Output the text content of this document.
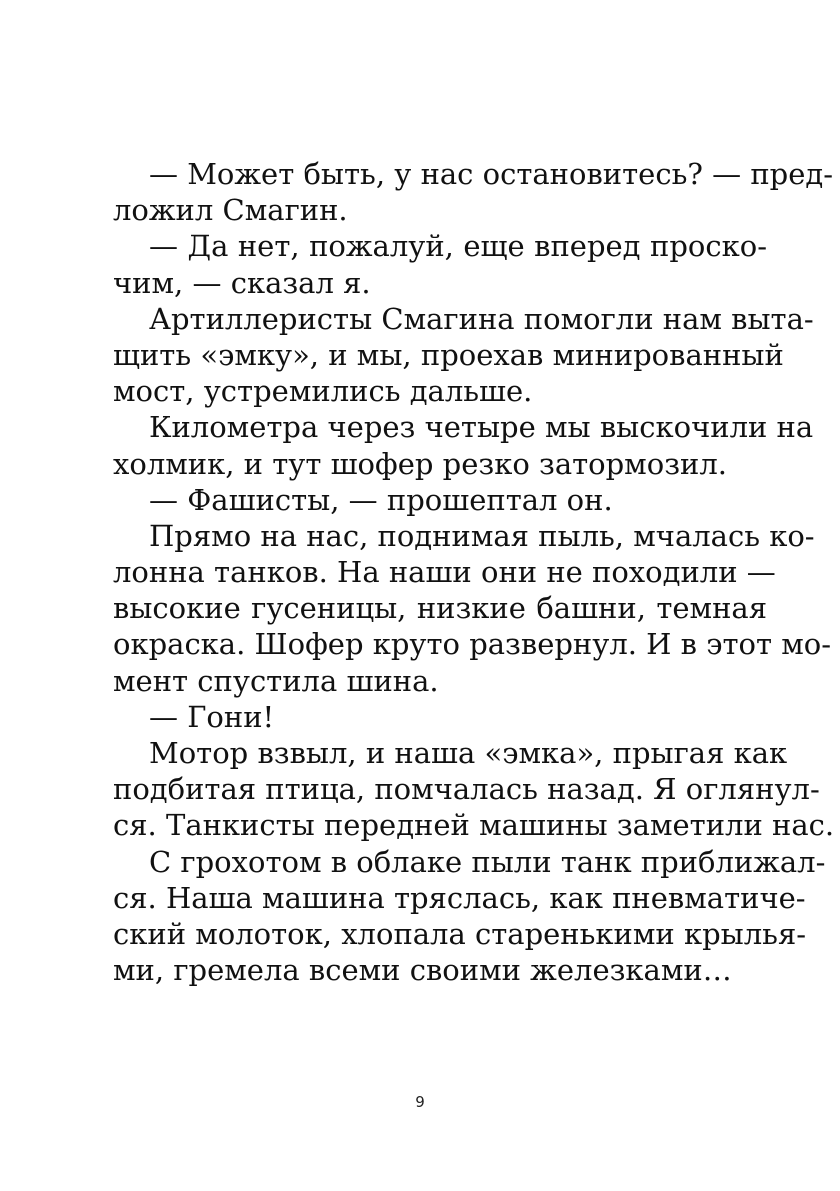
— Может быть, у нас остановитесь? — пред-
ложил Смагин.
— Да нет, пожалуй, еще вперед проско-
чим, — сказал я.
Артиллеристы Смагина помогли нам выта-
щить «эмку», и мы, проехав минированный
мост, устремились дальше.
Километра через четыре мы выскочили на
холмик, и тут шофер резко затормозил.
— Фашисты, — прошептал он.
Прямо на нас, поднимая пыль, мчалась ко-
лонна танков. На наши они не походили —
высокие гусеницы, низкие башни, темная
окраска. Шофер круто развернул. И в этот мо-
мент спустила шина.
— Гони!
Мотор взвыл, и наша «эмка», прыгая как
подбитая птица, помчалась назад. Я оглянул-
ся. Танкисты передней машины заметили нас.
С грохотом в облаке пыли танк приближал-
ся. Наша машина тряслась, как пневматиче-
ский молоток, хлопала старенькими крылья-
ми, гремела всеми своими железками…
9
